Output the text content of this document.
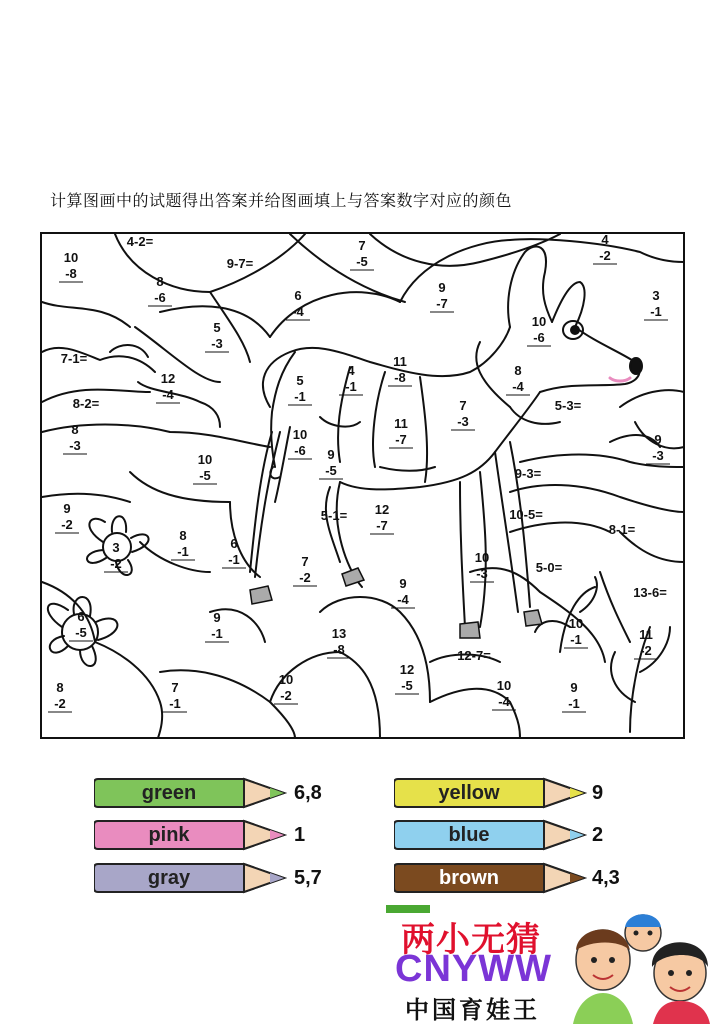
计算图画中的试题得出答案并给图画填上与答案数字对应的颜色
10
-8
4-2=
9-7=
7
-5
4
-2
8
-6	6
-4
9
-7
3
-1
5
-3
10
-6
7-1=
12
-4
11
-8
4
-1
5
-1
8
-4
8-2=	7
-3
5-3=
11
-7
8
-3
10
-6 9
-5
10
-5
9
-3
9-3=
9
-2
5-1= 12
-7
10-5=
8
-1
8-1=
3
-2
6
-1	7
-2
10
-3	5-0=
9
-4	13-6=
6
-5
9
-1
10
-1	11
-2
13
-8	12-7=
12
-5
8
-2
7
-1
10
-2
10
-4
9
-1
green	6,8	yellow	9
pink	1	blue	2
gray	5,7	brown	4,3
两小无猜
CNYWW
中国育娃王
